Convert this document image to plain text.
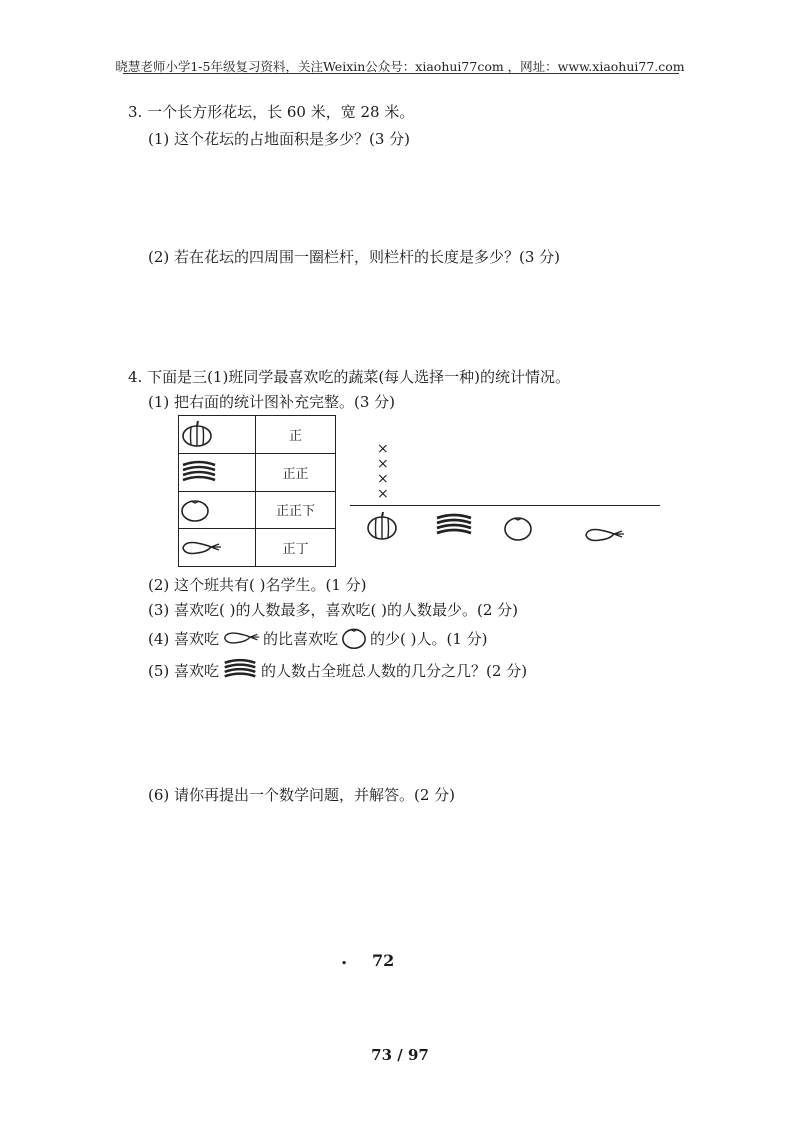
晓慧老师小学1-5年级复习资料，关注Weixin公众号：xiaohui77com ，网址：www.xiaohui77.com
3. 一个长方形花坛，长 60 米，宽 28 米。
(1) 这个花坛的占地面积是多少？(3 分)
(2) 若在花坛的四周围一圈栏杆，则栏杆的长度是多少？(3 分)
4. 下面是三(1)班同学最喜欢吃的蔬菜(每人选择一种)的统计情况。
(1) 把右面的统计图补充完整。(3 分)
	正

	正正

	正正下

	正丁
×
×
×
×
(2) 这个班共有( )名学生。(1 分)
(3) 喜欢吃( )的人数最多，喜欢吃( )的人数最少。(2 分)
(4) 喜欢吃	的比喜欢吃 的少( )人。(1 分)
(5) 喜欢吃	的人数占全班总人数的几分之几？(2 分)
(6) 请你再提出一个数学问题，并解答。(2 分)
. 72
73 / 97
